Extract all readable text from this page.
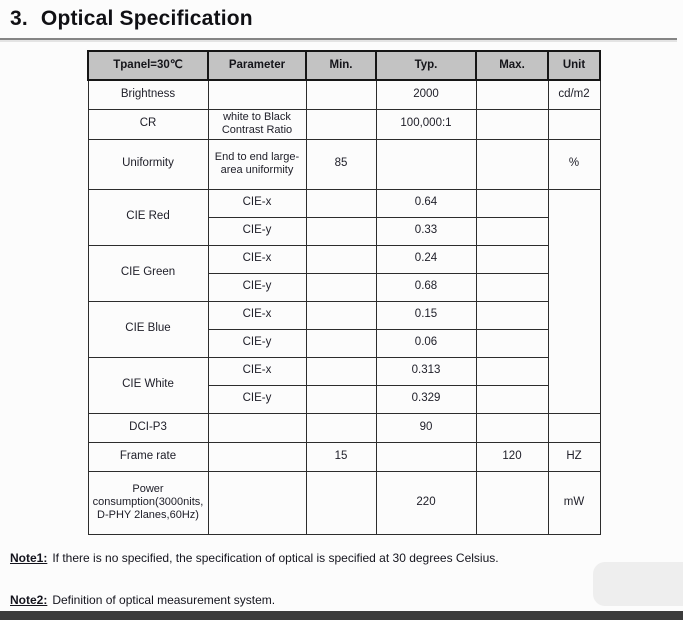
3. Optical Specification
Tpanel=30℃	Parameter	Min.	Typ.	Max.	Unit
Brightness			2000		cd/m2
CR	white to Black Contrast Ratio		100,000:1		
Uniformity	End to end large-area uniformity	85			%
CIE Red	CIE-x		0.64		
	CIE-y		0.33		
CIE Green	CIE-x		0.24		
	CIE-y		0.68		
CIE Blue	CIE-x		0.15		
	CIE-y		0.06		
CIE White	CIE-x		0.313		
	CIE-y		0.329		
DCI-P3			90		
Frame rate		15		120	HZ
Power consumption(3000nits, D-PHY 2lanes,60Hz)			220		mW
Note1: If there is no specified, the specification of optical is specified at 30 degrees Celsius.
Note2: Definition of optical measurement system.
